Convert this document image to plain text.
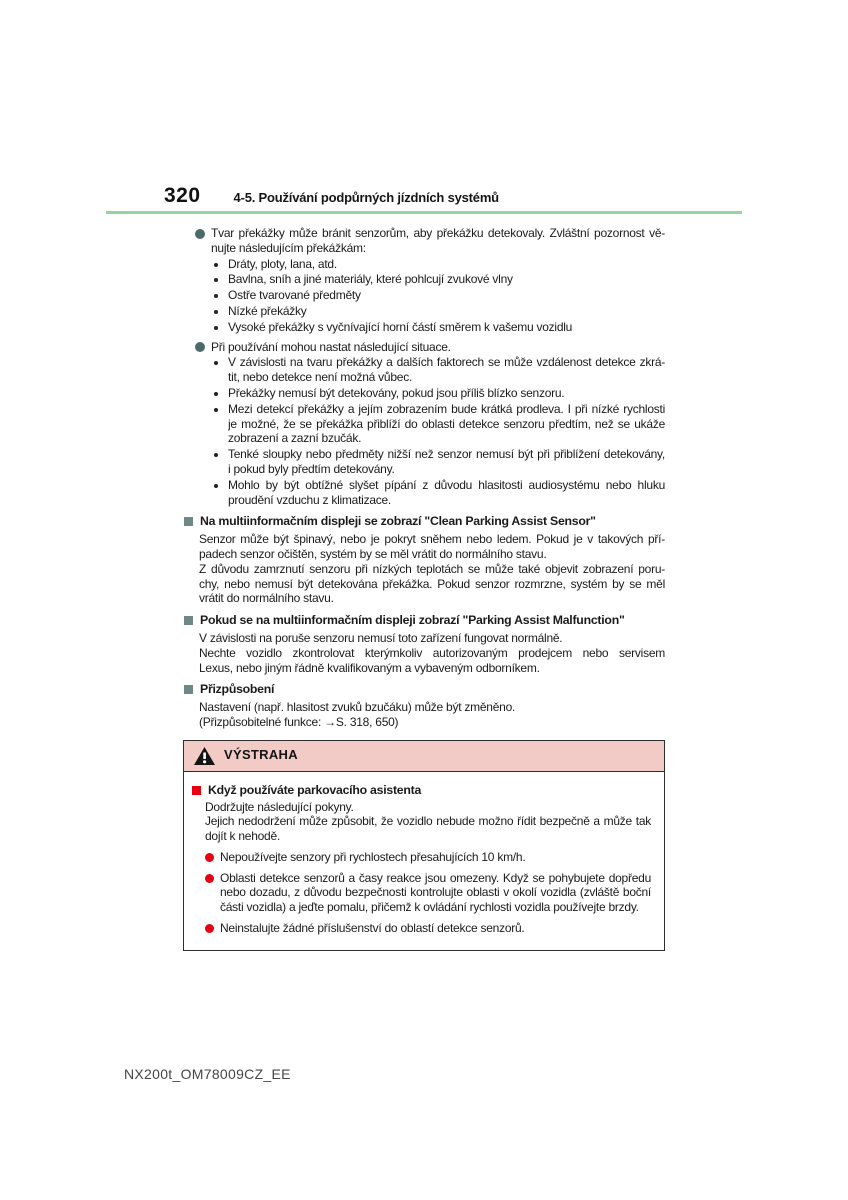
320	4-5. Používání podpůrných jízdních systémů
Tvar překážky může bránit senzorům, aby překážku detekovaly. Zvláštní pozornost vě-
nujte následujícím překážkám:
Dráty, ploty, lana, atd.
Bavlna, sníh a jiné materiály, které pohlcují zvukové vlny
Ostře tvarované předměty
Nízké překážky
Vysoké překážky s vyčnívající horní částí směrem k vašemu vozidlu
Při používání mohou nastat následující situace.
V závislosti na tvaru překážky a dalších faktorech se může vzdálenost detekce zkrá-
tit, nebo detekce není možná vůbec.
Překážky nemusí být detekovány, pokud jsou příliš blízko senzoru.
Mezi detekcí překážky a jejím zobrazením bude krátká prodleva. I při nízké rychlosti
je možné, že se překážka přiblíží do oblasti detekce senzoru předtím, než se ukáže
zobrazení a zazní bzučák.
Tenké sloupky nebo předměty nižší než senzor nemusí být při přiblížení detekovány,
i pokud byly předtím detekovány.
Mohlo by být obtížné slyšet pípání z důvodu hlasitosti audiosystému nebo hluku
proudění vzduchu z klimatizace.
Na multiinformačním displeji se zobrazí "Clean Parking Assist Sensor"
Senzor může být špinavý, nebo je pokryt sněhem nebo ledem. Pokud je v takových pří-
padech senzor očištěn, systém by se měl vrátit do normálního stavu.
Z důvodu zamrznutí senzoru při nízkých teplotách se může také objevit zobrazení poru-
chy, nebo nemusí být detekována překážka. Pokud senzor rozmrzne, systém by se měl
vrátit do normálního stavu.
Pokud se na multiinformačním displeji zobrazí "Parking Assist Malfunction"
V závislosti na poruše senzoru nemusí toto zařízení fungovat normálně.
Nechte vozidlo zkontrolovat kterýmkoliv autorizovaným prodejcem nebo servisem
Lexus, nebo jiným řádně kvalifikovaným a vybaveným odborníkem.
Přizpůsobení
Nastavení (např. hlasitost zvuků bzučáku) může být změněno.
(Přizpůsobitelné funkce: →S. 318, 650)
VÝSTRAHA
Když používáte parkovacího asistenta
Dodržujte následující pokyny.
Jejich nedodržení může způsobit, že vozidlo nebude možno řídit bezpečně a může tak
dojít k nehodě.
Nepoužívejte senzory při rychlostech přesahujících 10 km/h.
Oblasti detekce senzorů a časy reakce jsou omezeny. Když se pohybujete dopředu
nebo dozadu, z důvodu bezpečnosti kontrolujte oblasti v okolí vozidla (zvláště boční
části vozidla) a jeďte pomalu, přičemž k ovládání rychlosti vozidla používejte brzdy.
Neinstalujte žádné příslušenství do oblastí detekce senzorů.
NX200t_OM78009CZ_EE
